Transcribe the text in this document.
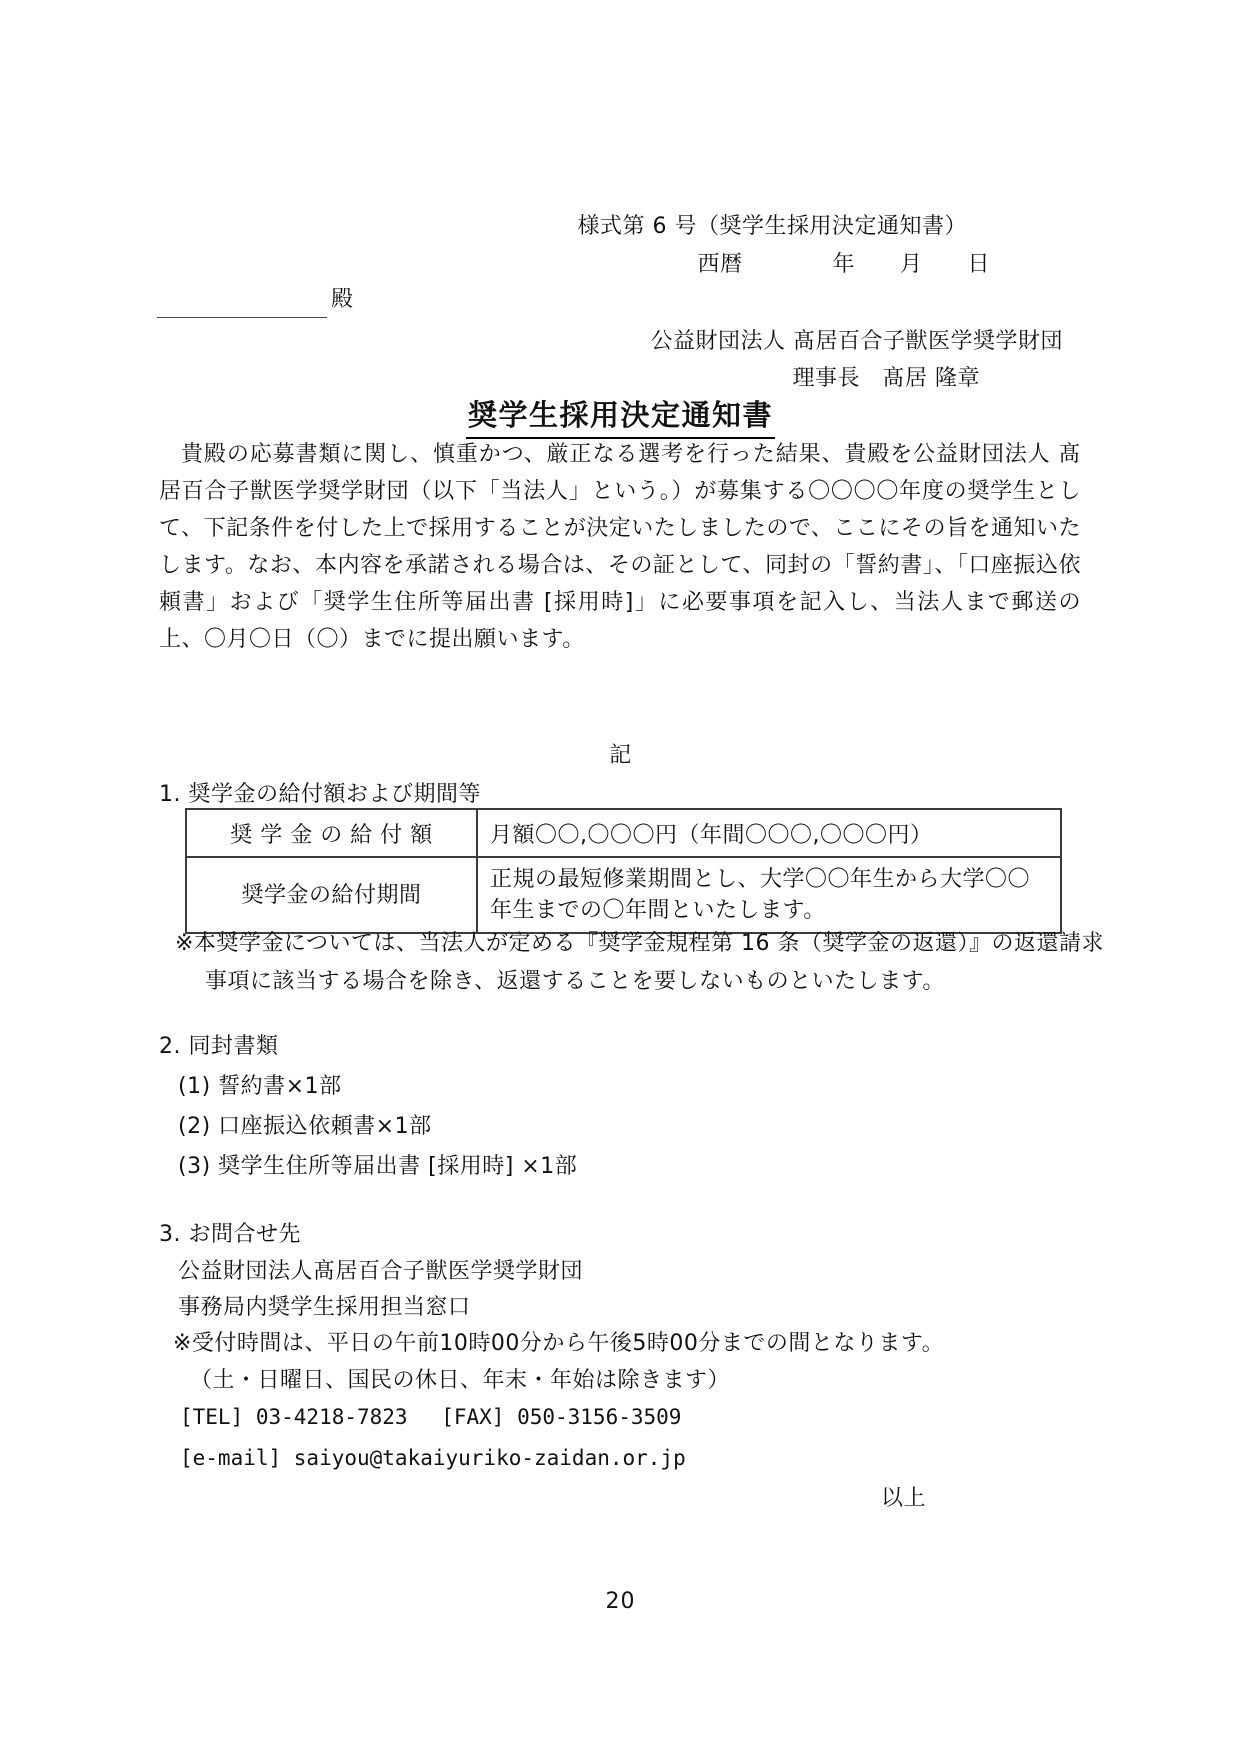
様式第 6 号（奨学生採用決定通知書）
西暦　　　　年　　月　　日
殿
公益財団法人 髙居百合子獣医学奨学財団
理事長　髙居 隆章
奨学生採用決定通知書
貴殿の応募書類に関し、慎重かつ、厳正なる選考を行った結果、貴殿を公益財団法人 髙居百合子獣医学奨学財団（以下「当法人」という。）が募集する〇〇〇〇年度の奨学生として、下記条件を付した上で採用することが決定いたしましたので、ここにその旨を通知いたします。なお、本内容を承諾される場合は、その証として、同封の「誓約書」、「口座振込依頼書」および「奨学生住所等届出書 [採用時]」に必要事項を記入し、当法人まで郵送の上、〇月〇日（〇）までに提出願います。
記
1. 奨学金の給付額および期間等
奨 学 金 の 給 付 額	月額〇〇,〇〇〇円（年間〇〇〇,〇〇〇円）
奨学金の給付期間	正規の最短修業期間とし、大学〇〇年生から大学〇〇年生までの〇年間といたします。
※本奨学金については、当法人が定める『奨学金規程第 16 条（奨学金の返還）』の返還請求事項に該当する場合を除き、返還することを要しないものといたします。
2. 同封書類
(1) 誓約書×1部
(2) 口座振込依頼書×1部
(3) 奨学生住所等届出書 [採用時] ×1部
3. お問合せ先
公益財団法人髙居百合子獣医学奨学財団
事務局内奨学生採用担当窓口
※受付時間は、平日の午前10時00分から午後5時00分までの間となります。
（土・日曜日、国民の休日、年末・年始は除きます）
[TEL] 03-4218-7823　 [FAX] 050-3156-3509
[e-mail] saiyou@takaiyuriko-zaidan.or.jp
以上
20
